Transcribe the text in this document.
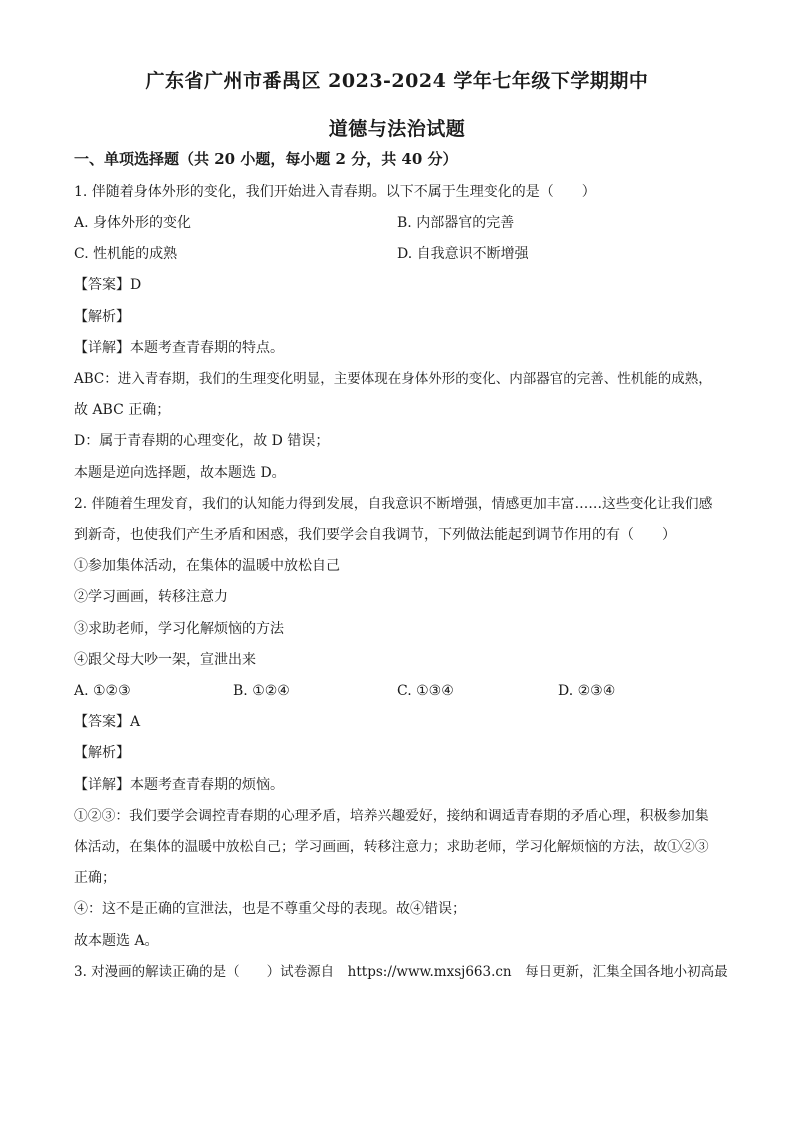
广东省广州市番禺区 2023-2024 学年七年级下学期期中
道德与法治试题
一、单项选择题（共 20 小题，每小题 2 分，共 40 分）
1. 伴随着身体外形的变化，我们开始进入青春期。以下不属于生理变化的是（　　）
A. 身体外形的变化	B. 内部器官的完善
C. 性机能的成熟	D. 自我意识不断增强
【答案】D
【解析】
【详解】本题考查青春期的特点。
ABC：进入青春期，我们的生理变化明显，主要体现在身体外形的变化、内部器官的完善、性机能的成熟，
故 ABC 正确；
D：属于青春期的心理变化，故 D 错误；
本题是逆向选择题，故本题选 D。
2. 伴随着生理发育，我们的认知能力得到发展，自我意识不断增强，情感更加丰富……这些变化让我们感
到新奇，也使我们产生矛盾和困惑，我们要学会自我调节，下列做法能起到调节作用的有（　　）
①参加集体活动，在集体的温暖中放松自己
②学习画画，转移注意力
③求助老师，学习化解烦恼的方法
④跟父母大吵一架，宣泄出来
A. ①②③	B. ①②④	C. ①③④	D. ②③④
【答案】A
【解析】
【详解】本题考查青春期的烦恼。
①②③：我们要学会调控青春期的心理矛盾，培养兴趣爱好，接纳和调适青春期的矛盾心理，积极参加集
体活动，在集体的温暖中放松自己；学习画画，转移注意力；求助老师，学习化解烦恼的方法，故①②③
正确；
④：这不是正确的宣泄法，也是不尊重父母的表现。故④错误；
故本题选 A。
3. 对漫画的解读正确的是（　　）试卷源自　https://www.mxsj663.cn　每日更新，汇集全国各地小初高最
